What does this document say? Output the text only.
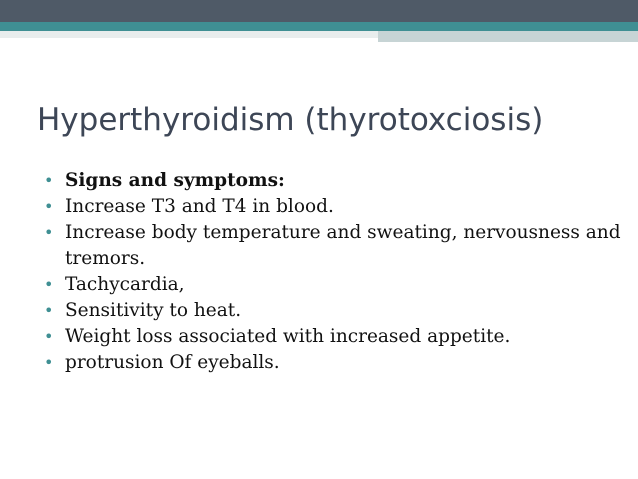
Hyperthyroidism (thyrotoxciosis)
• Signs and symptoms:
• Increase T3 and T4 in blood.
• Increase body temperature and sweating, nervousness and tremors.
• Tachycardia,
• Sensitivity to heat.
• Weight loss associated with increased appetite.
• protrusion Of eyeballs.
